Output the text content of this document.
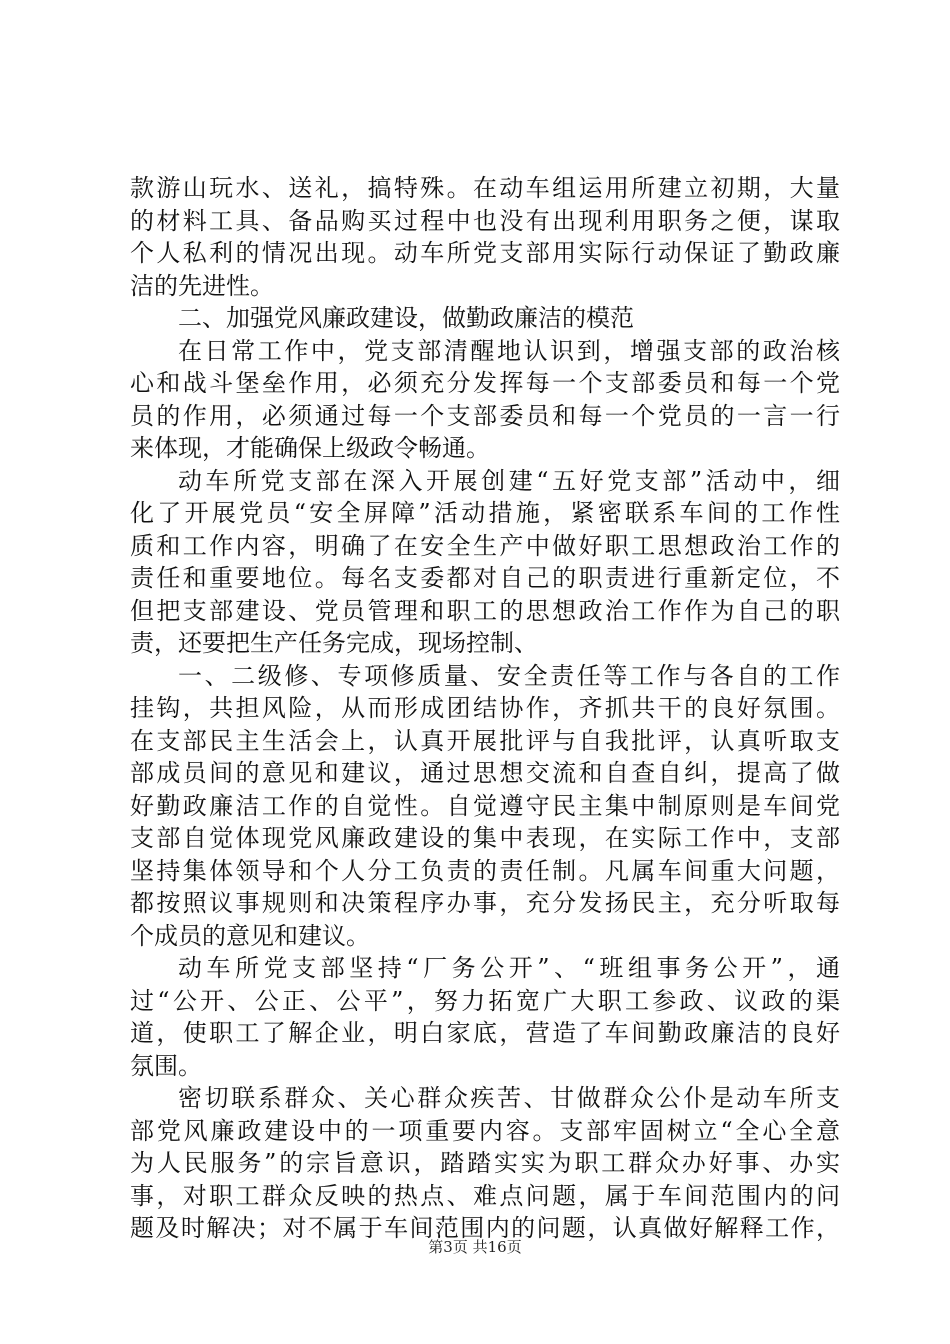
款游山玩水、送礼，搞特殊。在动车组运用所建立初期，大量
的材料工具、备品购买过程中也没有出现利用职务之便，谋取
个人私利的情况出现。动车所党支部用实际行动保证了勤政廉
洁的先进性。
二、加强党风廉政建设，做勤政廉洁的模范
在日常工作中，党支部清醒地认识到，增强支部的政治核
心和战斗堡垒作用，必须充分发挥每一个支部委员和每一个党
员的作用，必须通过每一个支部委员和每一个党员的一言一行
来体现，才能确保上级政令畅通。
动车所党支部在深入开展创建“五好党支部”活动中，细
化了开展党员“安全屏障”活动措施，紧密联系车间的工作性
质和工作内容，明确了在安全生产中做好职工思想政治工作的
责任和重要地位。每名支委都对自己的职责进行重新定位，不
但把支部建设、党员管理和职工的思想政治工作作为自己的职
责，还要把生产任务完成，现场控制、
一、二级修、专项修质量、安全责任等工作与各自的工作
挂钩，共担风险，从而形成团结协作，齐抓共干的良好氛围。
在支部民主生活会上，认真开展批评与自我批评，认真听取支
部成员间的意见和建议，通过思想交流和自查自纠，提高了做
好勤政廉洁工作的自觉性。自觉遵守民主集中制原则是车间党
支部自觉体现党风廉政建设的集中表现，在实际工作中，支部
坚持集体领导和个人分工负责的责任制。凡属车间重大问题，
都按照议事规则和决策程序办事，充分发扬民主，充分听取每
个成员的意见和建议。
动车所党支部坚持“厂务公开”、“班组事务公开”，通
过“公开、公正、公平”，努力拓宽广大职工参政、议政的渠
道，使职工了解企业，明白家底，营造了车间勤政廉洁的良好
氛围。
密切联系群众、关心群众疾苦、甘做群众公仆是动车所支
部党风廉政建设中的一项重要内容。支部牢固树立“全心全意
为人民服务”的宗旨意识，踏踏实实为职工群众办好事、办实
事，对职工群众反映的热点、难点问题，属于车间范围内的问
题及时解决；对不属于车间范围内的问题，认真做好解释工作，
第3页 共16页
